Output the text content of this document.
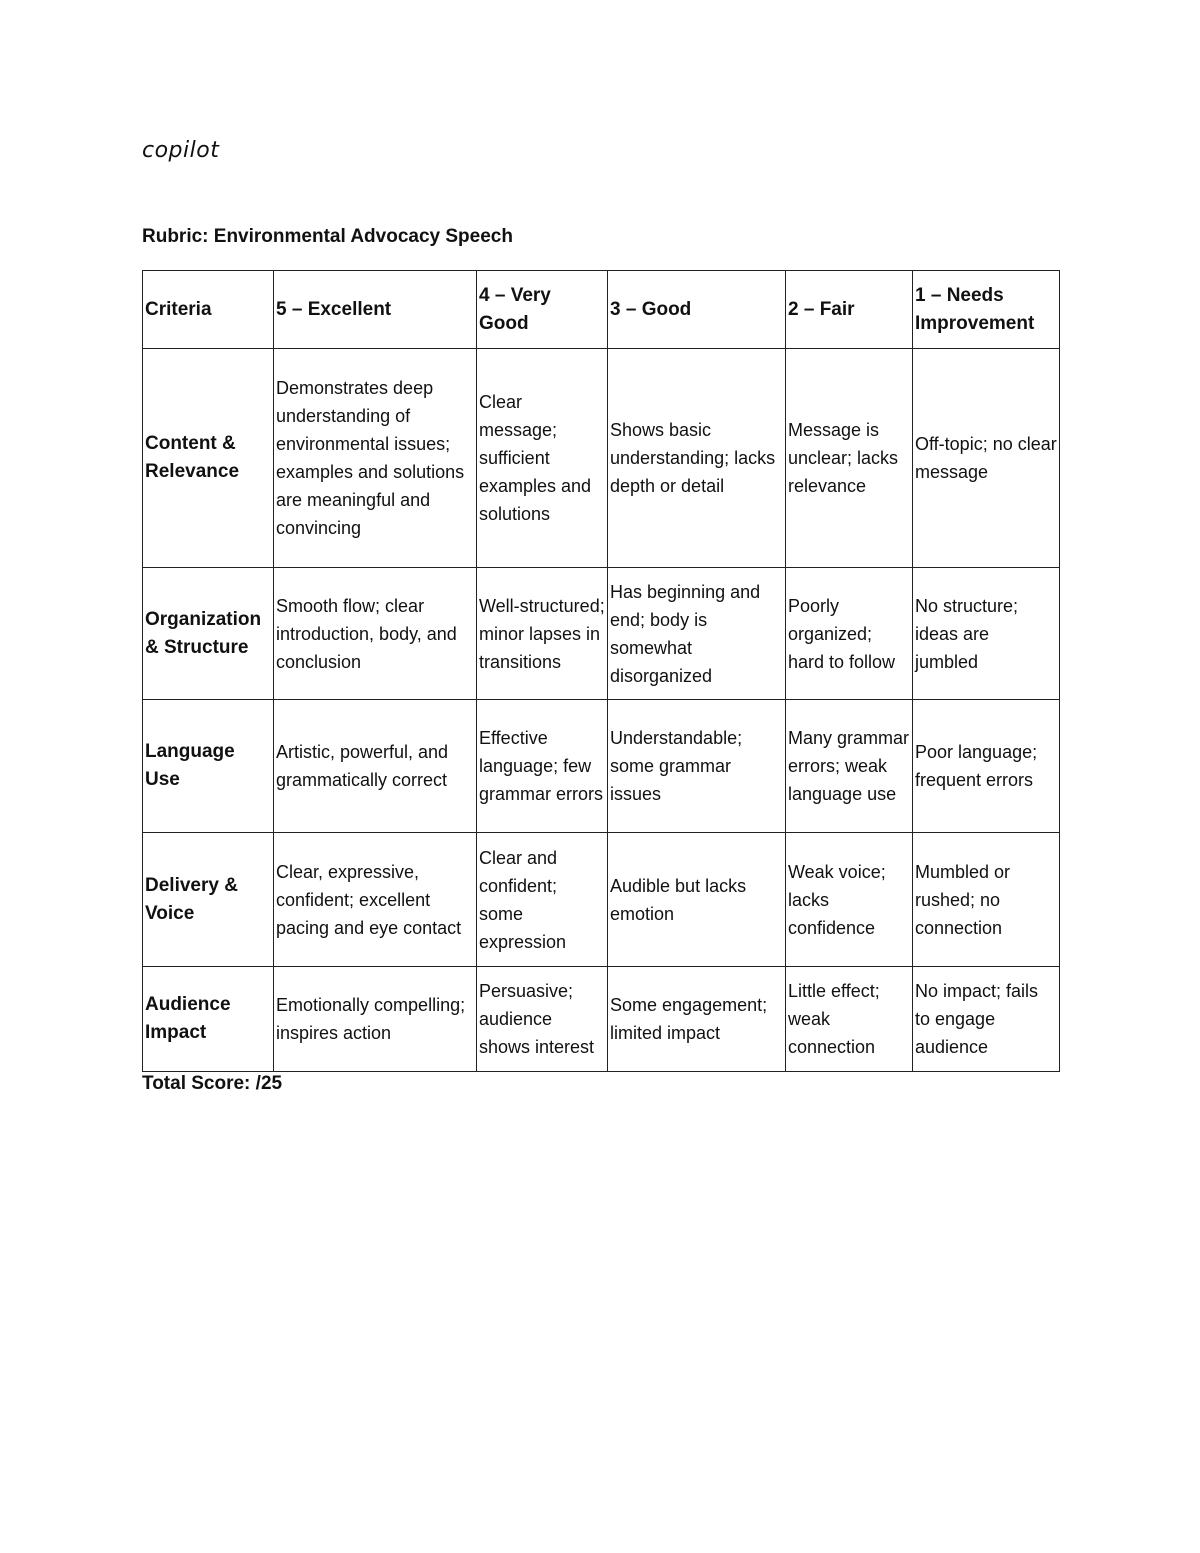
copilot
Rubric: Environmental Advocacy Speech
Criteria	5 – Excellent	4 – Very Good	3 – Good	2 – Fair	1 – Needs Improvement
Content & Relevance	Demonstrates deep understanding of environmental issues; examples and solutions are meaningful and convincing	Clear message; sufficient examples and solutions	Shows basic understanding; lacks depth or detail	Message is unclear; lacks relevance	Off-topic; no clear message
Organization & Structure	Smooth flow; clear introduction, body, and conclusion	Well-structured; minor lapses in transitions	Has beginning and end; body is somewhat disorganized	Poorly organized; hard to follow	No structure; ideas are jumbled
Language Use	Artistic, powerful, and grammatically correct	Effective language; few grammar errors	Understandable; some grammar issues	Many grammar errors; weak language use	Poor language; frequent errors
Delivery & Voice	Clear, expressive, confident; excellent pacing and eye contact	Clear and confident; some expression	Audible but lacks emotion	Weak voice; lacks confidence	Mumbled or rushed; no connection
Audience Impact	Emotionally compelling; inspires action	Persuasive; audience shows interest	Some engagement; limited impact	Little effect; weak connection	No impact; fails to engage audience
Total Score: /25
